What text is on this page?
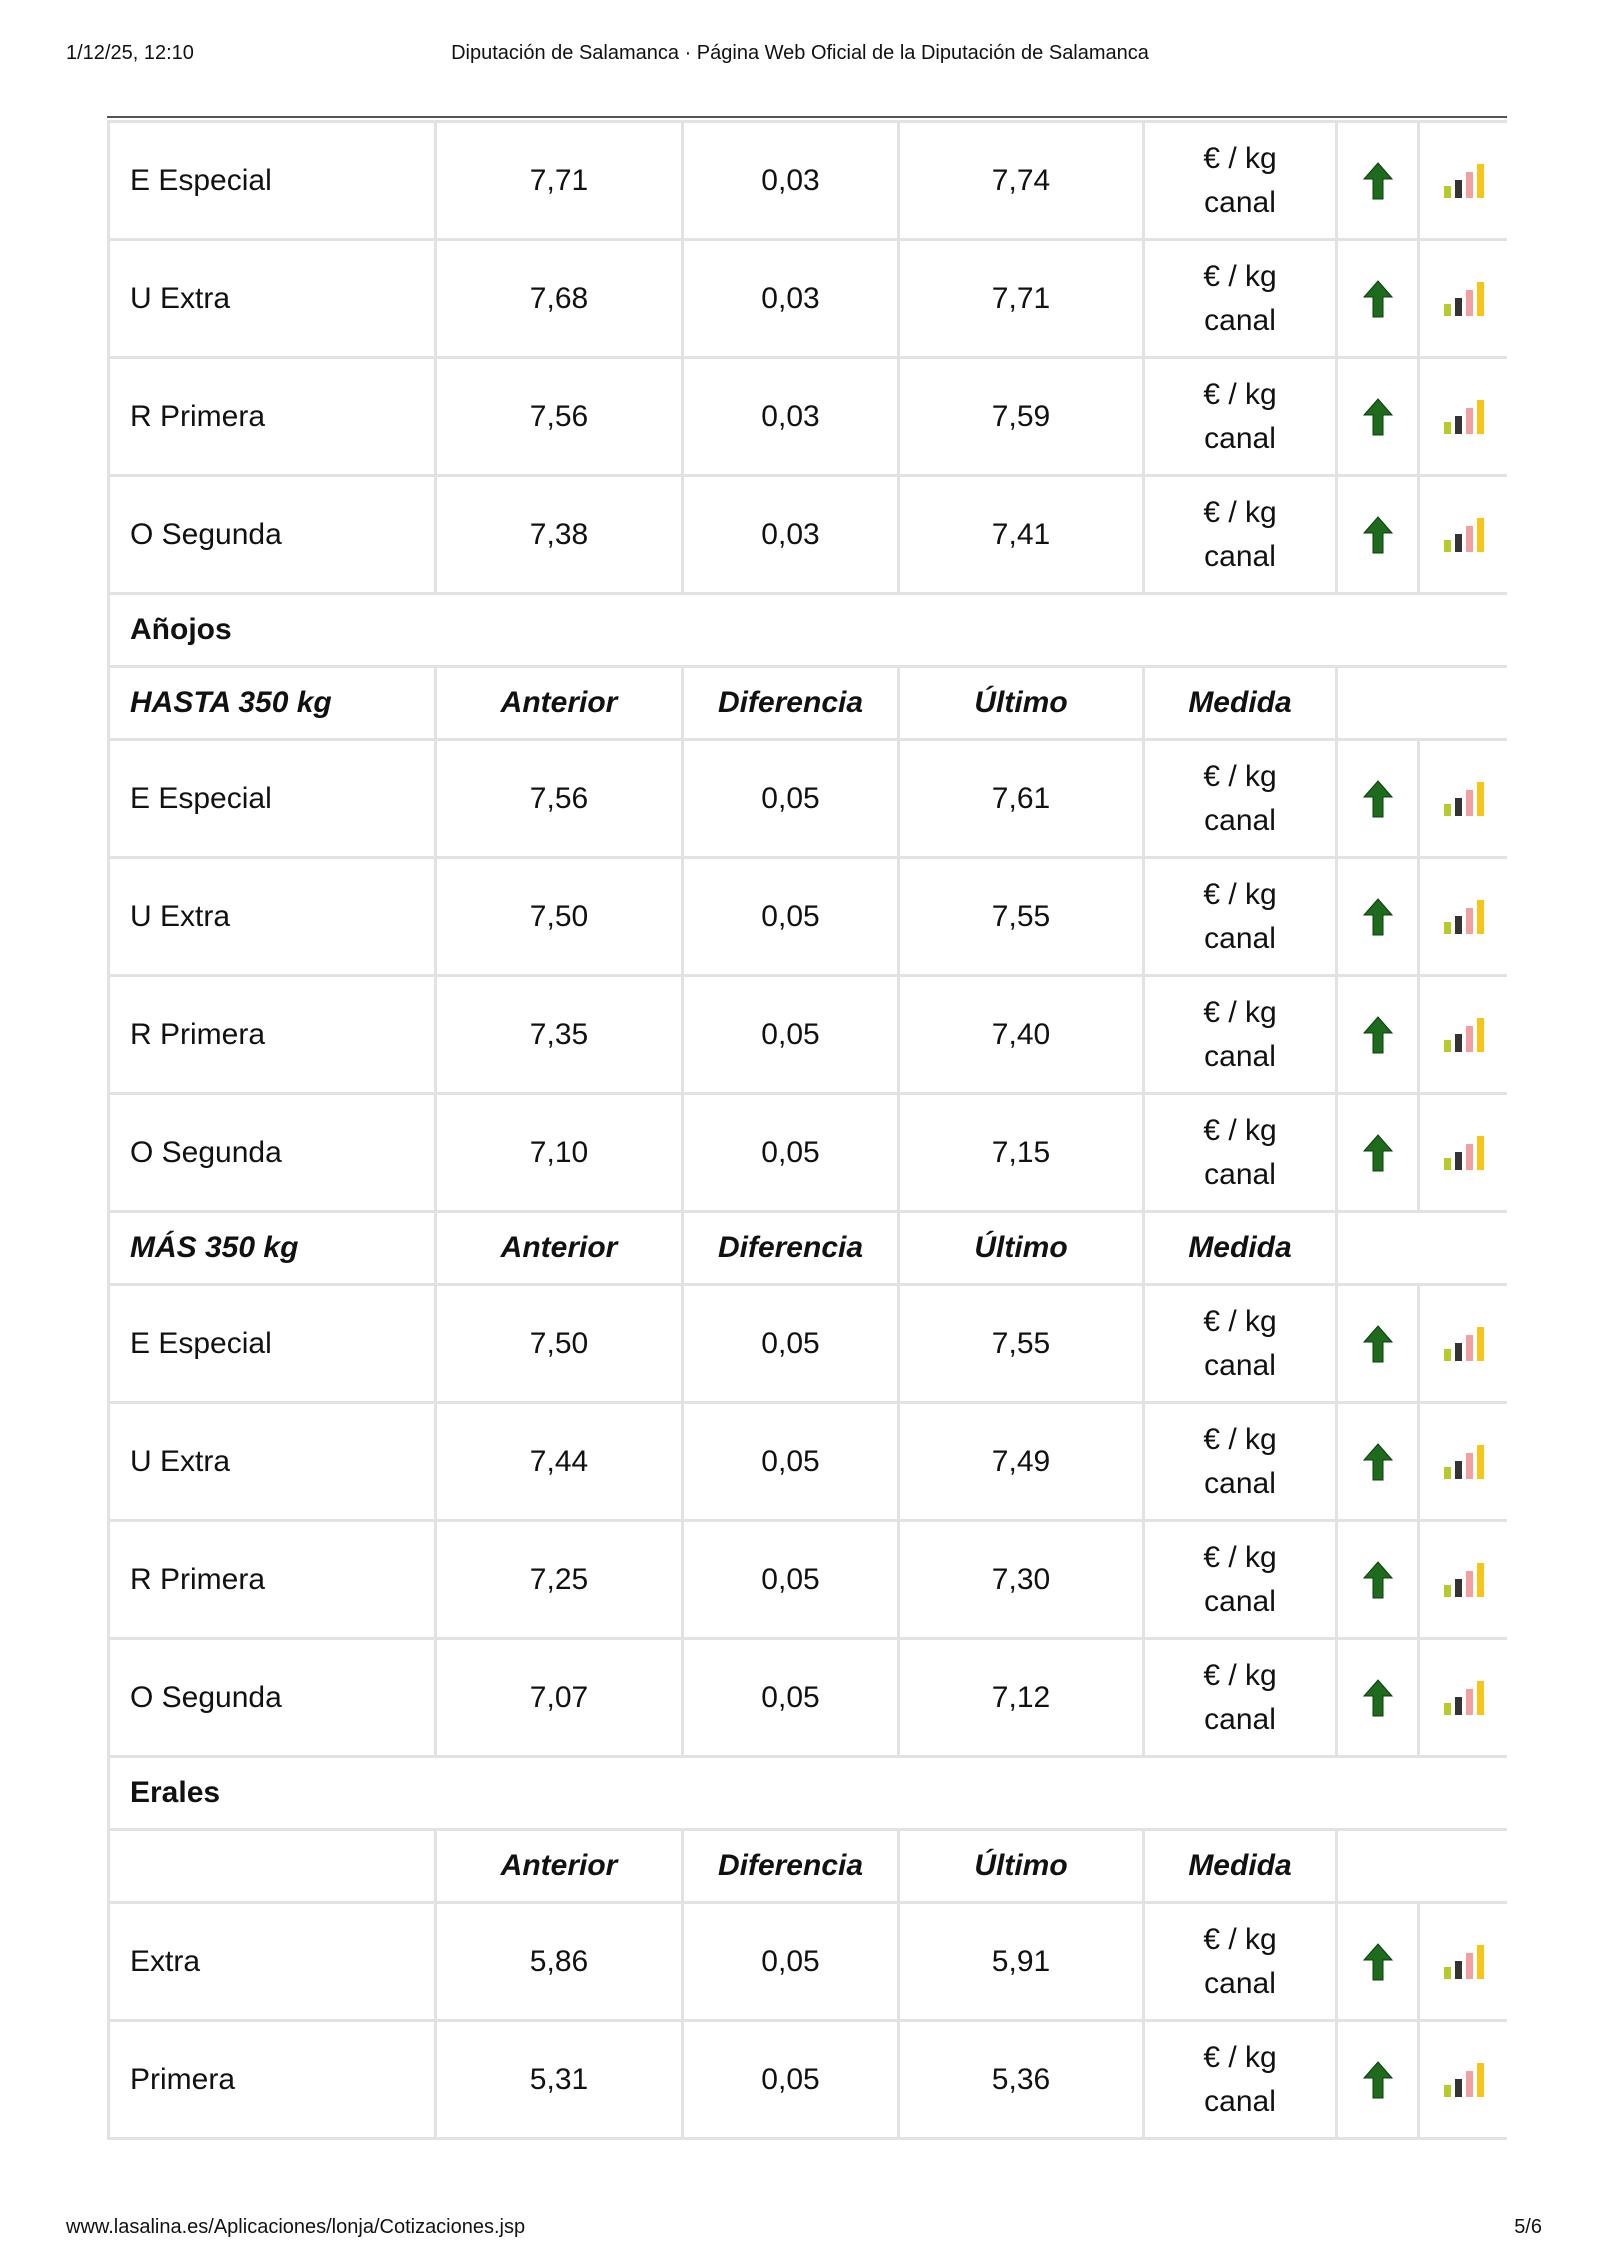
1/12/25, 12:10	Diputación de Salamanca · Página Web Oficial de la Diputación de Salamanca
E Especial	7,71	0,03	7,74	€ / kg
canal

U Extra	7,68	0,03	7,71	€ / kg
canal

R Primera	7,56	0,03	7,59	€ / kg
canal

O Segunda	7,38	0,03	7,41	€ / kg
canal

Añojos						
HASTA 350 kg	Anterior	Diferencia	Último	Medida		
E Especial	7,56	0,05	7,61	€ / kg
canal

U Extra	7,50	0,05	7,55	€ / kg
canal

R Primera	7,35	0,05	7,40	€ / kg
canal

O Segunda	7,10	0,05	7,15	€ / kg
canal

MÁS 350 kg	Anterior	Diferencia	Último	Medida		
E Especial	7,50	0,05	7,55	€ / kg
canal

U Extra	7,44	0,05	7,49	€ / kg
canal

R Primera	7,25	0,05	7,30	€ / kg
canal

O Segunda	7,07	0,05	7,12	€ / kg
canal

Erales						
	Anterior	Diferencia	Último	Medida		
Extra	5,86	0,05	5,91	€ / kg
canal

Primera	5,31	0,05	5,36	€ / kg
canal

www.lasalina.es/Aplicaciones/lonja/Cotizaciones.jsp	5/6
